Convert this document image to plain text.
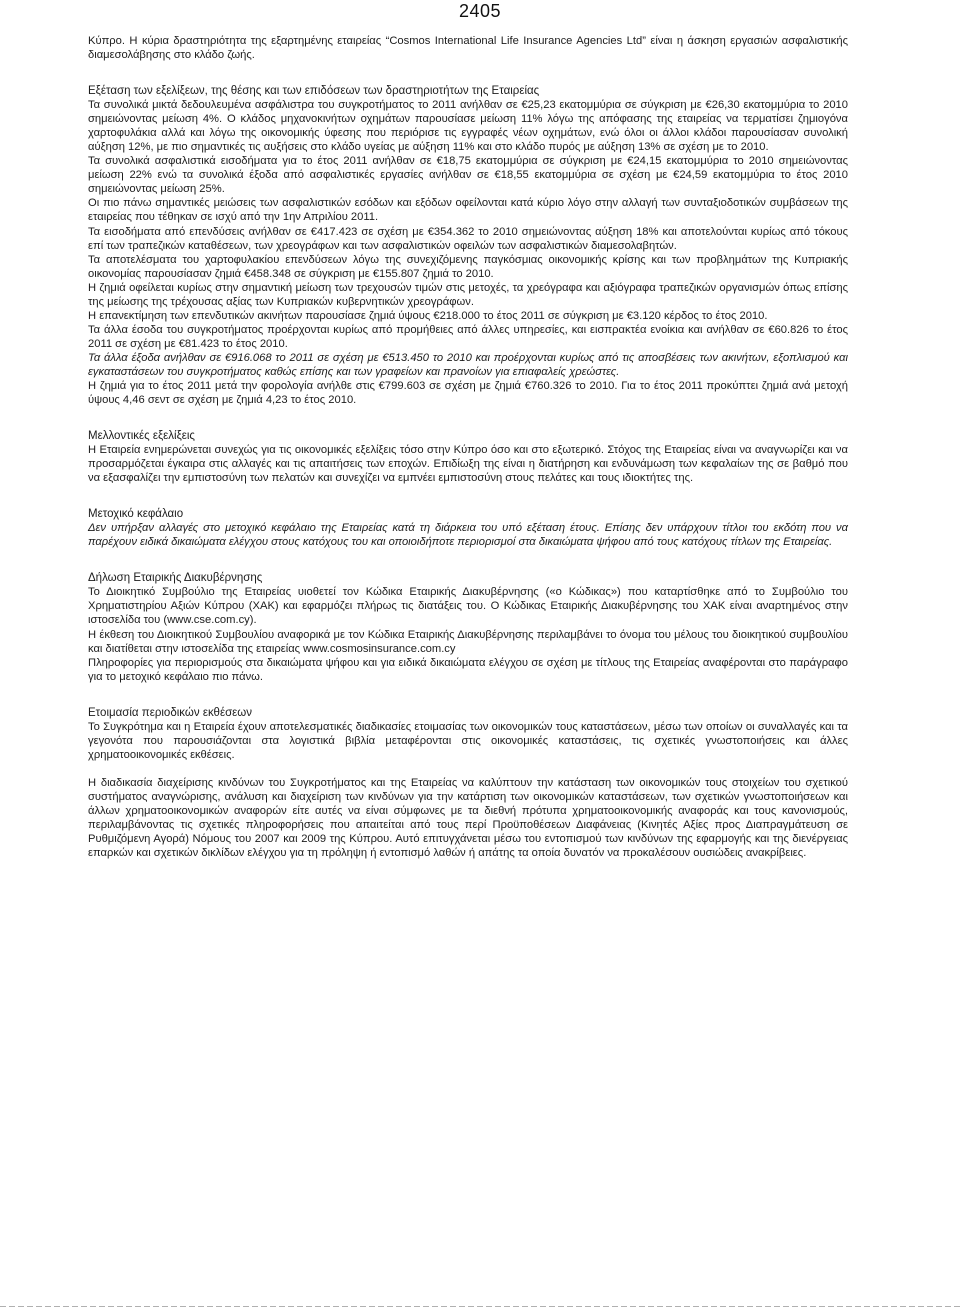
2405

Κύπρο. Η κύρια δραστηριότητα της εξαρτημένης εταιρείας “Cosmos International Life Insurance Agencies Ltd” είναι η άσκηση εργασιών ασφαλιστικής διαμεσολάβησης στο κλάδο ζωής.

Εξέταση των εξελίξεων, της θέσης και των επιδόσεων των δραστηριοτήτων της Εταιρείας

Τα συνολικά μικτά δεδουλευμένα ασφάλιστρα του συγκροτήματος το 2011 ανήλθαν σε €25,23 εκατομμύρια σε σύγκριση με €26,30 εκατομμύρια το 2010 σημειώνοντας μείωση 4%. Ο κλάδος μηχανοκινήτων οχημάτων παρουσίασε μείωση 11% λόγω της απόφασης της εταιρείας να τερματίσει ζημιογόνα χαρτοφυλάκια αλλά και λόγω της οικονομικής ύφεσης που περιόρισε τις εγγραφές νέων οχημάτων, ενώ όλοι οι άλλοι κλάδοι παρουσίασαν συνολική αύξηση 12%, με πιο σημαντικές τις αυξήσεις στο κλάδο υγείας με αύξηση 11% και στο κλάδο πυρός με αύξηση 13% σε σχέση με το 2010.

Τα συνολικά ασφαλιστικά εισοδήματα για το έτος 2011 ανήλθαν σε €18,75 εκατομμύρια σε σύγκριση με €24,15 εκατομμύρια το 2010 σημειώνοντας μείωση 22% ενώ τα συνολικά έξοδα από ασφαλιστικές εργασίες ανήλθαν σε €18,55 εκατομμύρια σε σχέση με €24,59 εκατομμύρια το έτος 2010 σημειώνοντας μείωση 25%.

Οι πιο πάνω σημαντικές μειώσεις των ασφαλιστικών εσόδων και εξόδων οφείλονται κατά κύριο λόγο στην αλλαγή των συνταξιοδοτικών συμβάσεων της εταιρείας που τέθηκαν σε ισχύ από την 1ην Απριλίου 2011.

Τα εισοδήματα από επενδύσεις ανήλθαν σε €417.423 σε σχέση με €354.362 το 2010 σημειώνοντας αύξηση 18% και αποτελούνται κυρίως από τόκους επί των τραπεζικών καταθέσεων, των χρεογράφων και των ασφαλιστικών οφειλών των ασφαλιστικών διαμεσολαβητών.

Τα αποτελέσματα του χαρτοφυλακίου επενδύσεων λόγω της συνεχιζόμενης παγκόσμιας οικονομικής κρίσης και των προβλημάτων της Κυπριακής οικονομίας παρουσίασαν ζημιά €458.348 σε σύγκριση με €155.807 ζημιά το 2010.

Η ζημιά οφείλεται κυρίως στην σημαντική μείωση των τρεχουσών τιμών στις μετοχές, τα χρεόγραφα και αξιόγραφα τραπεζικών οργανισμών όπως επίσης της μείωσης της τρέχουσας αξίας των Κυπριακών κυβερνητικών χρεογράφων.

Η επανεκτίμηση των επενδυτικών ακινήτων παρουσίασε ζημιά ύψους €218.000 το έτος 2011 σε σύγκριση με €3.120 κέρδος το έτος 2010.

Τα άλλα έσοδα του συγκροτήματος προέρχονται κυρίως από προμήθειες από άλλες υπηρεσίες, και εισπρακτέα ενοίκια και ανήλθαν σε €60.826 το έτος 2011 σε σχέση με €81.423 το έτος 2010.

Τα άλλα έξοδα ανήλθαν σε €916.068 το 2011 σε σχέση με €513.450 το 2010 και προέρχονται κυρίως από τις αποσβέσεις των ακινήτων, εξοπλισμού και εγκαταστάσεων του συγκροτήματος καθώς επίσης και των γραφείων και πρανοίων για επιαφαλείς χρεώστες.

Η ζημιά για το έτος 2011 μετά την φορολογία ανήλθε στις €799.603 σε σχέση με ζημιά €760.326 το 2010. Για το έτος 2011 προκύπτει ζημιά ανά μετοχή ύψους 4,46 σεντ σε σχέση με ζημιά 4,23 το έτος 2010.

Μελλοντικές εξελίξεις

Η Εταιρεία ενημερώνεται συνεχώς για τις οικονομικές εξελίξεις τόσο στην Κύπρο όσο και στο εξωτερικό. Στόχος της Εταιρείας είναι να αναγνωρίζει και να προσαρμόζεται έγκαιρα στις αλλαγές και τις απαιτήσεις των εποχών. Επιδίωξη της είναι η διατήρηση και ενδυνάμωση των κεφαλαίων της σε βαθμό που να εξασφαλίζει την εμπιστοσύνη των πελατών και συνεχίζει να εμπνέει εμπιστοσύνη στους πελάτες και τους ιδιοκτήτες της.

Μετοχικό κεφάλαιο

Δεν υπήρξαν αλλαγές στο μετοχικό κεφάλαιο της Εταιρείας κατά τη διάρκεια του υπό εξέταση έτους. Επίσης δεν υπάρχουν τίτλοι του εκδότη που να παρέχουν ειδικά δικαιώματα ελέγχου στους κατόχους του και οποιοιδήποτε περιορισμοί στα δικαιώματα ψήφου από τους κατόχους τίτλων της Εταιρείας.

Δήλωση Εταιρικής Διακυβέρνησης

Το Διοικητικό Συμβούλιο της Εταιρείας υιοθετεί τον Κώδικα Εταιρικής Διακυβέρνησης («ο Κώδικας») που καταρτίσθηκε από το Συμβούλιο του Χρηματιστηρίου Αξιών Κύπρου (ΧΑΚ) και εφαρμόζει πλήρως τις διατάξεις του. Ο Κώδικας Εταιρικής Διακυβέρνησης του ΧΑΚ είναι αναρτημένος στην ιστοσελίδα του (www.cse.com.cy).

Η έκθεση του Διοικητικού Συμβουλίου αναφορικά με τον Κώδικα Εταιρικής Διακυβέρνησης περιλαμβάνει το όνομα του μέλους του διοικητικού συμβουλίου και διατίθεται στην ιστοσελίδα της εταιρείας www.cosmosinsurance.com.cy

Πληροφορίες για περιορισμούς στα δικαιώματα ψήφου και για ειδικά δικαιώματα ελέγχου σε σχέση με τίτλους της Εταιρείας αναφέρονται στο παράγραφο για το μετοχικό κεφάλαιο πιο πάνω.

Ετοιμασία περιοδικών εκθέσεων

Το Συγκρότημα και η Εταιρεία έχουν αποτελεσματικές διαδικασίες ετοιμασίας των οικονομικών τους καταστάσεων, μέσω των οποίων οι συναλλαγές και τα γεγονότα που παρουσιάζονται στα λογιστικά βιβλία μεταφέρονται στις οικονομικές καταστάσεις, τις σχετικές γνωστοποιήσεις και άλλες χρηματοοικονομικές εκθέσεις.

Η διαδικασία διαχείρισης κινδύνων του Συγκροτήματος και της Εταιρείας να καλύπτουν την κατάσταση των οικονομικών τους στοιχείων του σχετικού συστήματος αναγνώρισης, ανάλυση και διαχείριση των κινδύνων για την κατάρτιση των οικονομικών καταστάσεων, των σχετικών γνωστοποιήσεων και άλλων χρηματοοικονομικών αναφορών είτε αυτές να είναι σύμφωνες με τα διεθνή πρότυπα χρηματοοικονομικής αναφοράς και τους κανονισμούς, περιλαμβάνοντας τις σχετικές πληροφορήσεις που απαιτείται από τους περί Προϋποθέσεων Διαφάνειας (Κινητές Αξίες προς Διαπραγμάτευση σε Ρυθμιζόμενη Αγορά) Νόμους του 2007 και 2009 της Κύπρου. Αυτό επιτυγχάνεται μέσω του εντοπισμού των κινδύνων της εφαρμογής και της διενέργειας επαρκών και σχετικών δικλίδων ελέγχου για τη πρόληψη ή εντοπισμό λαθών ή απάτης τα οποία δυνατόν να προκαλέσουν ουσιώδεις ανακρίβειες.
